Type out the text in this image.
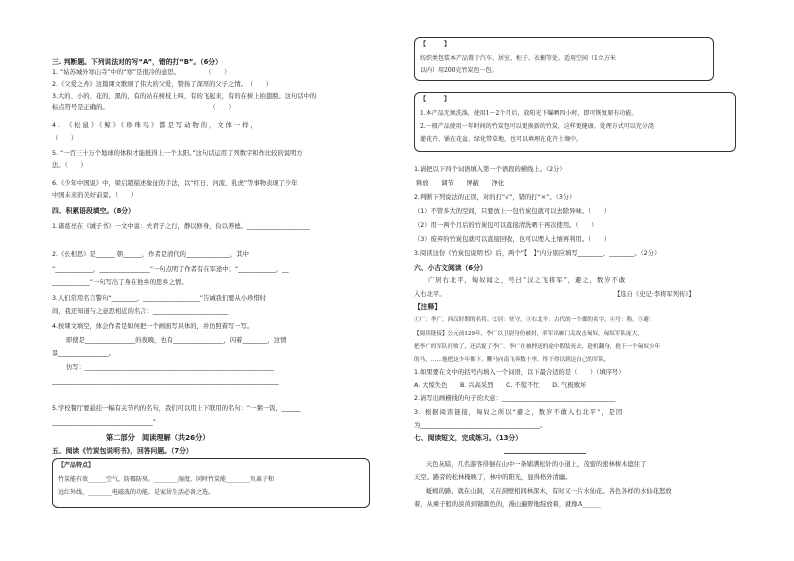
三. 判断题。下列说法对的写“A”，错的打“B”。（6分）
1. “姑苏城外寒山寺”中的“寒”是很冷的意思。　　　　　（　　）
2.《父爱之舟》这篇课文歌颂了伟大的父爱，赞扬了深厚的父子之情。　（　　）
3.大的、小的、花的、黑的，有的站在树枝上叫，有的飞起来，有的在树上拍翅膀。这句话中的
标点符号是正确的。　　　　　　　　　　　　　　　　　（　　）
4. 《松鼠》《鲸》《珍珠鸟》都是写动物的，文体一样，
（　　）
5. “一百三十万个地球的体积才能抵得上一个太阳。”这句话运用了列数字和作比较的说明方
法。（　　）
6.《少年中国说》中，梁启超描述象征的手法，以“红日、河流、乳虎”等事物表现了少年
中国未来的美好前景。（　　）
四、积累语段填空。（8分）
1.诸葛亮在《诫子书》一文中说：夫君子之行，静以修身，俭以养德。____________________
2.《长相思》是______ 朝______，作者是清代的______________，其中
“____________，________________”一句点明了作者有在军途中；“____________，__
____________”一句写出了身在他乡的思乡之情。
3.人们常用名言警句“________，__________________”告诫我们要从小珍惜时
间，我还知道与之意思相近的名言：________________________
4.按课文填空，体会作者是如何把一个画面写具体的，并仿照着写一写。
即使是________________的夜晚，也有________________，闪着________，这情
景________________。
仿写：____________________________________________________________
________________________________________________________________________
5.学校餐厅要悬挂一幅有关节约的名句，我们可以用上下联用的名句：“一粥一饭，______
________________________________”
第二部分　阅读理解（共26分）
五、阅读《竹炭包说明书》，回答问题。（7分）
【产品特点】
竹炭能有效______空气，防霉防臭。________湿度，同时竹炭能________负离子和
远红外线，________电磁波的功能，是家居生活必备之选。
【　　　】
纺织类包装本产品置于汽车、居室、柜子、衣橱等处。适用空间（1立方米
以内）用200克竹炭包一包。
【　　　】
1.本产品无须洗涤，使用1～2个月后，放阳光下曝晒四小时，即可恢复原有功能。
2.一般产品使用一年时间的竹炭包可以更换新的竹炭，这样更健康。处理方式可以充分浇
灌花卉、铺在花盆、绿化带草地，也可以填埋在花卉土壤中。
1.请把以下四个词语填入第一个语段的横线上。（2分）
释放　　调节　　屏蔽　　净化
2.判断下列说法的正误，对的打“√”，错的打“×”。（3分）
（1）不管多大的空间，只要放上一包竹炭包就可以去除异味。（　　）
（2）用一两个月后的竹炭包可以直接清洗晒干再次使用。（　　）
（3）废弃的竹炭包就可以直接回收，也可以埋入土壤再利用。（　　）
3.阅读这份《竹炭包说明书》后，两个“【　】”内分别应填写________、________。（2分）
六、小古文阅读（6分）
广居右北平，匈奴闻之，号曰“汉之飞将军”，避之，数岁不敢
入右北平。	【选自《史记·李将军列传》】
【注释】
①广：李广，西汉时期的名将。②居：驻守。③右北平：古代的一个郡的名字。④号：称。⑤避：
【阅读链接】公元前129年，李广以卫尉身份被封，率军出雁门关攻击匈奴。匈奴军队庞大，
把李广的军队打败了，还活捉了李广。李广在被押送的途中假装死去，趁机翻身，抢下一个匈奴少年
的马，……他把这少年推下，鞭马向南飞奔数十里，终于得以到达自己的军队。
1.如果要在文中的括号内填入一个词语，以下最合适的是（　　）（填序号）
A. 大惊失色　　B. 兴高采烈　　C. 不慌不忙　　D. 气极败坏
2.请写出画横线的句子的大意：____________________________________
3. 根据阅读链接，匈奴之所以“避之，数岁不敢入右北平”，是因
为______________________________________。
七、阅读短文，完成练习。（13分）
天色灰暗，几名游客徘徊在山中一条铺满松针的小道上，茂密的密林树木遮住了
天空。路旁的松林掩映了，林中的阳光，显得格外清幽。
蚯蚓的路，就在山洞，又在洞壁相间林深木，有时又一片水仙花。各色各样的水仙花怒放
着，从乘子般的淡黄到锯颜色的，漫山遍野地绽放着，就像A______
